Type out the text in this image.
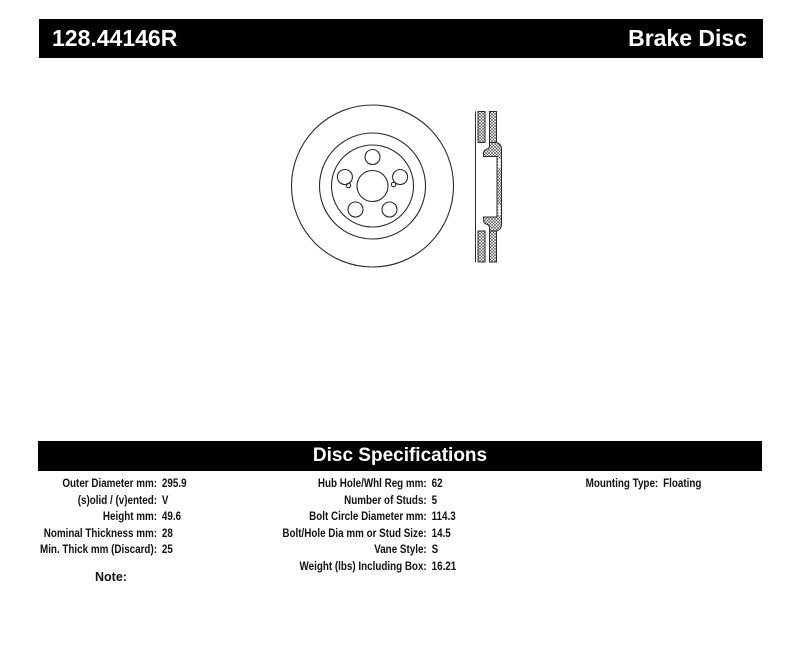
128.44146R	Brake Disc
Disc Specifications
Outer Diameter mm: 295.9
(s)olid / (v)ented: V
Height mm: 49.6
Nominal Thickness mm: 28
Min. Thick mm (Discard): 25
Hub Hole/Whl Reg mm: 62
Number of Studs: 5
Bolt Circle Diameter mm: 114.3
Bolt/Hole Dia mm or Stud Size: 14.5
Vane Style: S
Weight (lbs) Including Box: 16.21
Mounting Type: Floating
Note:
